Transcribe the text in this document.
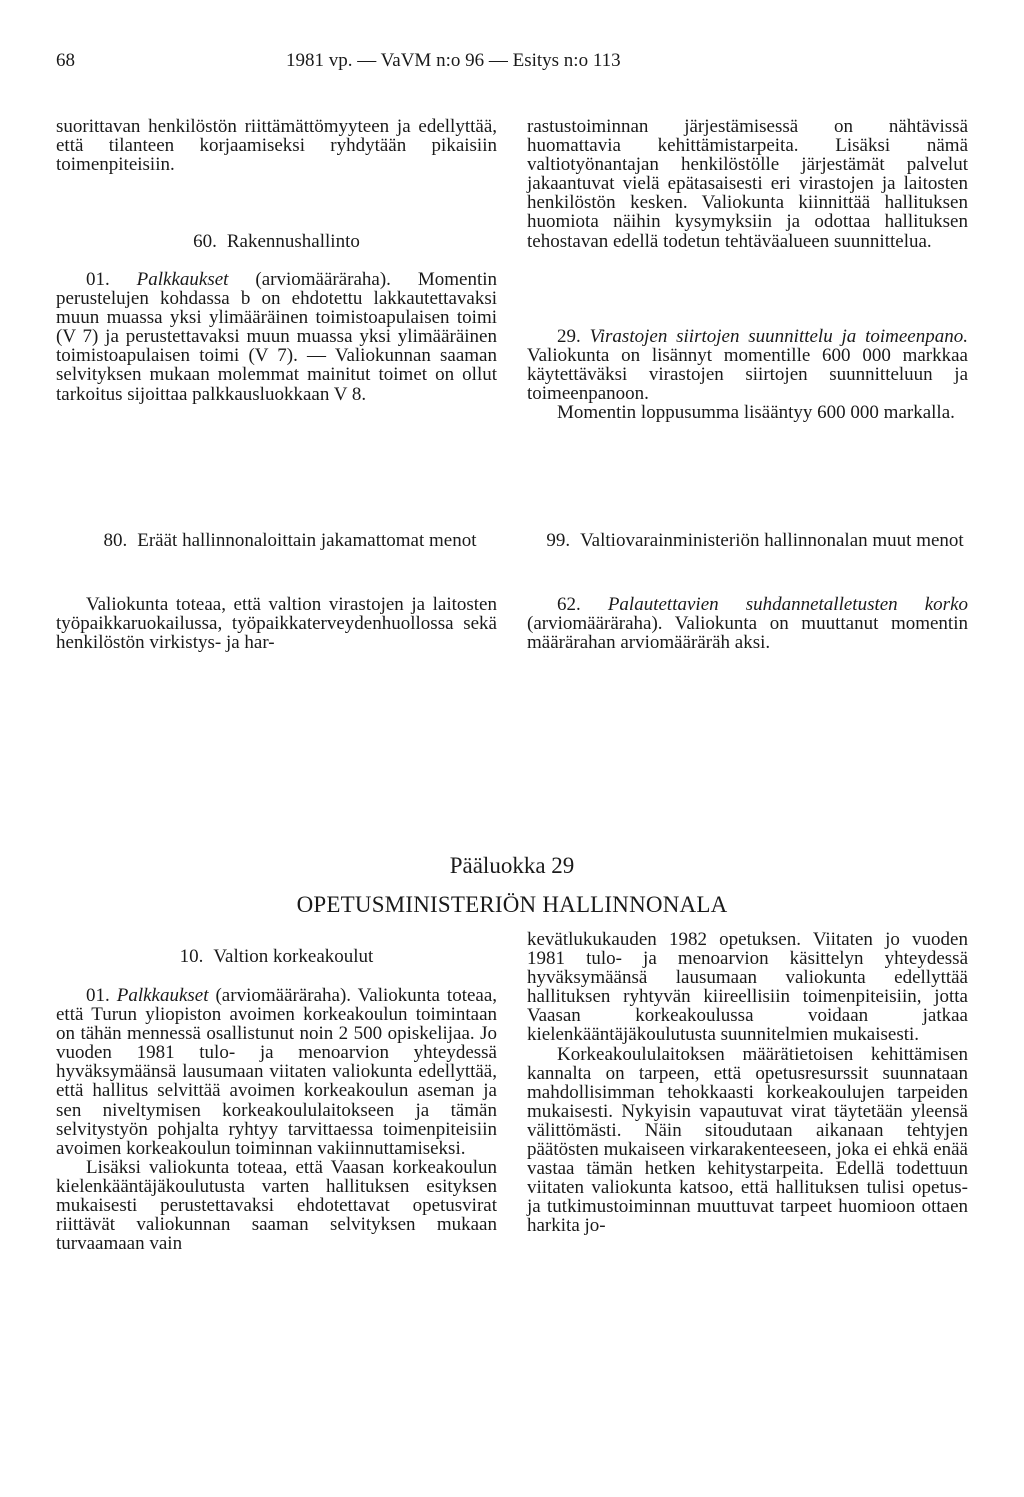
68	1981 vp. — VaVM n:o 96 — Esitys n:o 113

suorittavan henkilöstön riittämättömyyteen ja edellyttää, että tilanteen korjaamiseksi ryhdytään pikaisiin toimenpiteisiin.

60. Rakennushallinto

01. Palkkaukset (arviomääräraha). Momentin perustelujen kohdassa b on ehdotettu lakkautettavaksi muun muassa yksi ylimääräinen toimistoapulaisen toimi (V 7) ja perustettavaksi muun muassa yksi ylimääräinen toimistoapulaisen toimi (V 7). — Valiokunnan saaman selvityksen mukaan molemmat mainitut toimet on ollut tarkoitus sijoittaa palkkausluokkaan V 8.

rastustoiminnan järjestämisessä on nähtävissä huomattavia kehittämistarpeita. Lisäksi nämä valtiotyönantajan henkilöstölle järjestämät palvelut jakaantuvat vielä epätasaisesti eri virastojen ja laitosten henkilöstön kesken. Valiokunta kiinnittää hallituksen huomiota näihin kysymyksiin ja odottaa hallituksen tehostavan edellä todetun tehtäväalueen suunnittelua.

29. Virastojen siirtojen suunnittelu ja toimeenpano. Valiokunta on lisännyt momentille 600 000 markkaa käytettäväksi virastojen siirtojen suunnitteluun ja toimeenpanoon.

Momentin loppusumma lisääntyy 600 000 markalla.

80. Eräät hallinnonaloittain jakamattomat menot

Valiokunta toteaa, että valtion virastojen ja laitosten työpaikkaruokailussa, työpaikkaterveydenhuollossa sekä henkilöstön virkistys- ja har-

99. Valtiovarainministeriön hallinnonalan muut menot

62. Palautettavien suhdannetalletusten korko (arviomääräraha). Valiokunta on muuttanut momentin määrärahan arviomääräräh aksi.

Pääluokka 29
OPETUSMINISTERIÖN HALLINNONALA
10. Valtion korkeakoulut

01. Palkkaukset (arviomääräraha). Valiokunta toteaa, että Turun yliopiston avoimen korkeakoulun toimintaan on tähän mennessä osallistunut noin 2 500 opiskelijaa. Jo vuoden 1981 tulo- ja menoarvion yhteydessä hyväksymäänsä lausumaan viitaten valiokunta edellyttää, että hallitus selvittää avoimen korkeakoulun aseman ja sen niveltymisen korkeakoululaitokseen ja tämän selvitystyön pohjalta ryhtyy tarvittaessa toimenpiteisiin avoimen korkeakoulun toiminnan vakiinnuttamiseksi.

Lisäksi valiokunta toteaa, että Vaasan korkeakoulun kielenkääntäjäkoulutusta varten hallituksen esityksen mukaisesti perustettavaksi ehdotettavat opetusvirat riittävät valiokunnan saaman selvityksen mukaan turvaamaan vain

kevätlukukauden 1982 opetuksen. Viitaten jo vuoden 1981 tulo- ja menoarvion käsittelyn yhteydessä hyväksymäänsä lausumaan valiokunta edellyttää hallituksen ryhtyvän kiireellisiin toimenpiteisiin, jotta Vaasan korkeakoulussa voidaan jatkaa kielenkääntäjäkoulutusta suunnitelmien mukaisesti.

Korkeakoululaitoksen määrätietoisen kehittämisen kannalta on tarpeen, että opetusresurssit suunnataan mahdollisimman tehokkaasti korkeakoulujen tarpeiden mukaisesti. Nykyisin vapautuvat virat täytetään yleensä välittömästi. Näin sitoudutaan aikanaan tehtyjen päätösten mukaiseen virkarakenteeseen, joka ei ehkä enää vastaa tämän hetken kehitystarpeita. Edellä todettuun viitaten valiokunta katsoo, että hallituksen tulisi opetus- ja tutkimustoiminnan muuttuvat tarpeet huomioon ottaen harkita jo-
